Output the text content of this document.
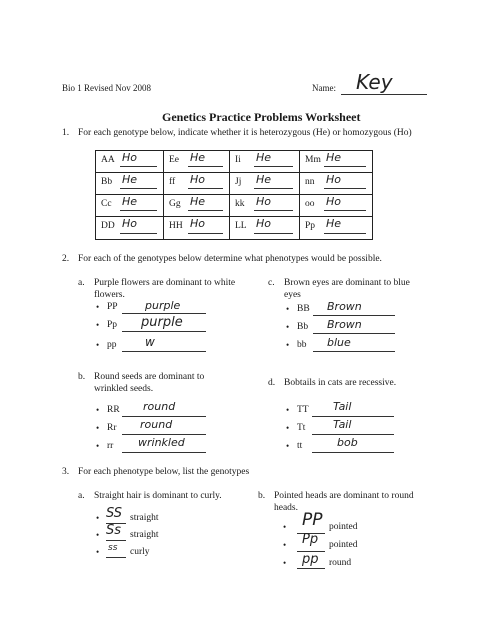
Bio 1 Revised Nov 2008	Name: Key
Genetics Practice Problems Worksheet
1. For each genotype below, indicate whether it is heterozygous (He) or homozygous (Ho)
AA Ho	Ee He	Ii He	Mm He
Bb He	ff Ho	Jj He	nn Ho
Cc He	Gg He	kk Ho	oo Ho
DD Ho	HH Ho	LL Ho	Pp He
2. For each of the genotypes below determine what phenotypes would be possible.
a. Purple flowers are dominant to white
flowers.
• PP purple
• Pp purple
• pp w
c. Brown eyes are dominant to blue
eyes
• BB Brown
• Bb Brown
• bb blue
b. Round seeds are dominant to
wrinkled seeds.
• RR round
• Rr round
• rr wrinkled
d. Bobtails in cats are recessive.
• TT Tail
• Tt	Tail
• tt	bob
3. For each phenotype below, list the genotypes
a. Straight hair is dominant to curly.
• SS straight
• Ss straight
• ss curly
b. Pointed heads are dominant to round
heads.
• PP pointed
• Pp pointed
• pp round
